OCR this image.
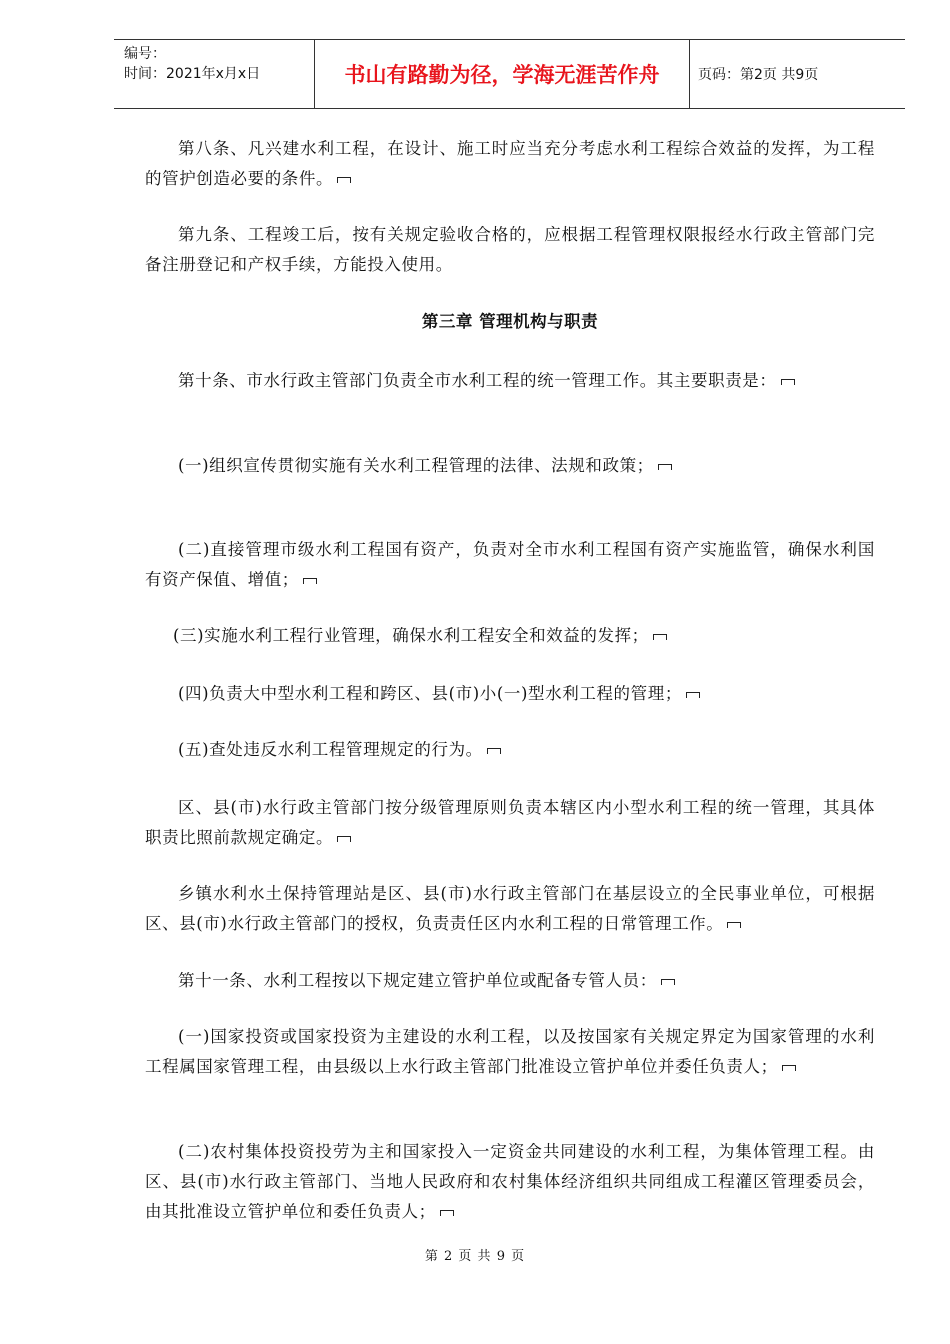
编号：
时间：2021年x月x日	书山有路勤为径，学海无涯苦作舟	页码：第2页 共9页

第八条、凡兴建水利工程，在设计、施工时应当充分考虑水利工程综合效益的发挥，为工程的管护创造必要的条件。

第九条、工程竣工后，按有关规定验收合格的，应根据工程管理权限报经水行政主管部门完备注册登记和产权手续，方能投入使用。

第三章 管理机构与职责

第十条、市水行政主管部门负责全市水利工程的统一管理工作。其主要职责是：

(一)组织宣传贯彻实施有关水利工程管理的法律、法规和政策；

(二)直接管理市级水利工程国有资产，负责对全市水利工程国有资产实施监管，确保水利国有资产保值、增值；

(三)实施水利工程行业管理，确保水利工程安全和效益的发挥；

(四)负责大中型水利工程和跨区、县(市)小(一)型水利工程的管理；

(五)查处违反水利工程管理规定的行为。

区、县(市)水行政主管部门按分级管理原则负责本辖区内小型水利工程的统一管理，其具体职责比照前款规定确定。

乡镇水利水土保持管理站是区、县(市)水行政主管部门在基层设立的全民事业单位，可根据区、县(市)水行政主管部门的授权，负责责任区内水利工程的日常管理工作。

第十一条、水利工程按以下规定建立管护单位或配备专管人员：

(一)国家投资或国家投资为主建设的水利工程，以及按国家有关规定界定为国家管理的水利工程属国家管理工程，由县级以上水行政主管部门批准设立管护单位并委任负责人；

(二)农村集体投资投劳为主和国家投入一定资金共同建设的水利工程，为集体管理工程。由区、县(市)水行政主管部门、当地人民政府和农村集体经济组织共同组成工程灌区管理委员会，由其批准设立管护单位和委任负责人；

第 2 页 共 9 页
